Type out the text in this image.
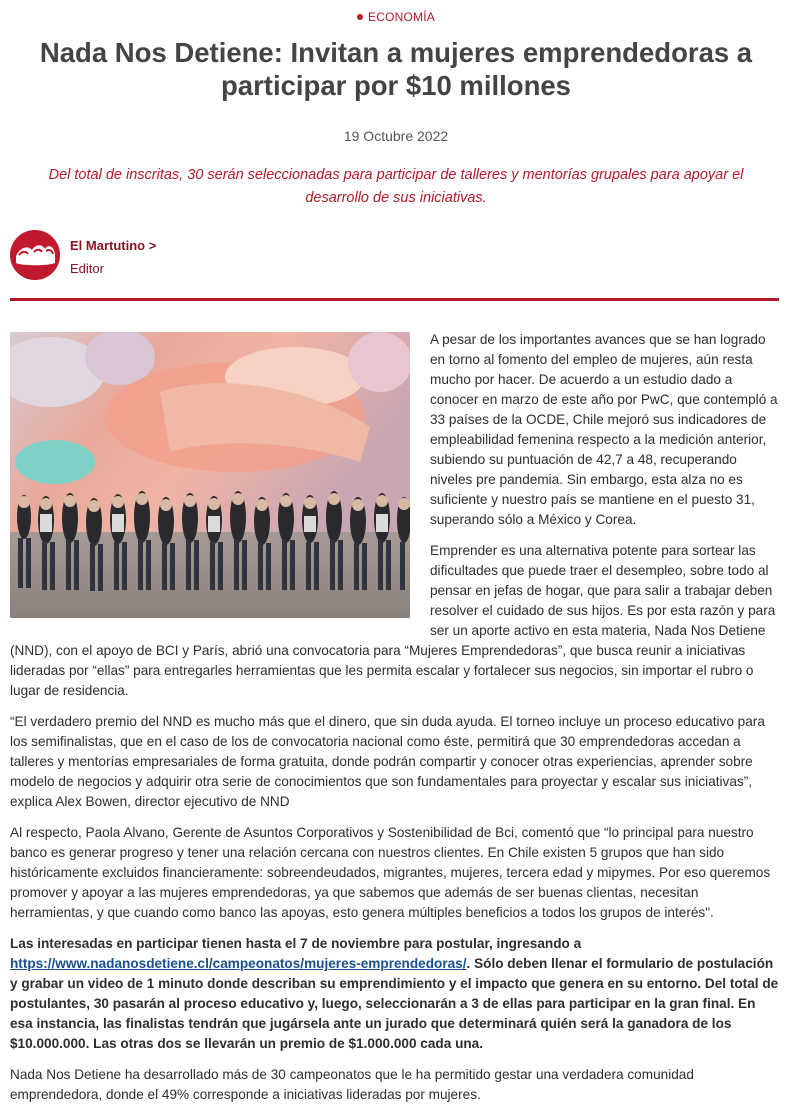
ECONOMÍA
Nada Nos Detiene: Invitan a mujeres emprendedoras a participar por $10 millones
19 Octubre 2022
Del total de inscritas, 30 serán seleccionadas para participar de talleres y mentorías grupales para apoyar el desarrollo de sus iniciativas.
El Martutino >
Editor

A pesar de los importantes avances que se han logrado en torno al fomento del empleo de mujeres, aún resta mucho por hacer. De acuerdo a un estudio dado a conocer en marzo de este año por PwC, que contempló a 33 países de la OCDE, Chile mejoró sus indicadores de empleabilidad femenina respecto a la medición anterior, subiendo su puntuación de 42,7 a 48, recuperando niveles pre pandemia. Sin embargo, esta alza no es suficiente y nuestro país se mantiene en el puesto 31, superando sólo a México y Corea.

Emprender es una alternativa potente para sortear las dificultades que puede traer el desempleo, sobre todo al pensar en jefas de hogar, que para salir a trabajar deben resolver el cuidado de sus hijos. Es por esta razón y para ser un aporte activo en esta materia, Nada Nos Detiene (NND), con el apoyo de BCI y París, abrió una convocatoria para “Mujeres Emprendedoras”, que busca reunir a iniciativas lideradas por “ellas” para entregarles herramientas que les permita escalar y fortalecer sus negocios, sin importar el rubro o lugar de residencia.

“El verdadero premio del NND es mucho más que el dinero, que sin duda ayuda. El torneo incluye un proceso educativo para los semifinalistas, que en el caso de los de convocatoria nacional como éste, permitirá que 30 emprendedoras accedan a talleres y mentorías empresariales de forma gratuita, donde podrán compartir y conocer otras experiencias, aprender sobre modelo de negocios y adquirir otra serie de conocimientos que son fundamentales para proyectar y escalar sus iniciativas”, explica Alex Bowen, director ejecutivo de NND

Al respecto, Paola Alvano, Gerente de Asuntos Corporativos y Sostenibilidad de Bci, comentó que “lo principal para nuestro banco es generar progreso y tener una relación cercana con nuestros clientes. En Chile existen 5 grupos que han sido históricamente excluidos financieramente: sobreendeudados, migrantes, mujeres, tercera edad y mipymes. Por eso queremos promover y apoyar a las mujeres emprendedoras, ya que sabemos que además de ser buenas clientas, necesitan herramientas, y que cuando como banco las apoyas, esto genera múltiples beneficios a todos los grupos de interés".

Las interesadas en participar tienen hasta el 7 de noviembre para postular, ingresando a https://www.nadanosdetiene.cl/campeonatos/mujeres-emprendedoras/. Sólo deben llenar el formulario de postulación y grabar un video de 1 minuto donde describan su emprendimiento y el impacto que genera en su entorno. Del total de postulantes, 30 pasarán al proceso educativo y, luego, seleccionarán a 3 de ellas para participar en la gran final. En esa instancia, las finalistas tendrán que jugársela ante un jurado que determinará quién será la ganadora de los $10.000.000. Las otras dos se llevarán un premio de $1.000.000 cada una.

Nada Nos Detiene ha desarrollado más de 30 campeonatos que le ha permitido gestar una verdadera comunidad emprendedora, donde el 49% corresponde a iniciativas lideradas por mujeres.
